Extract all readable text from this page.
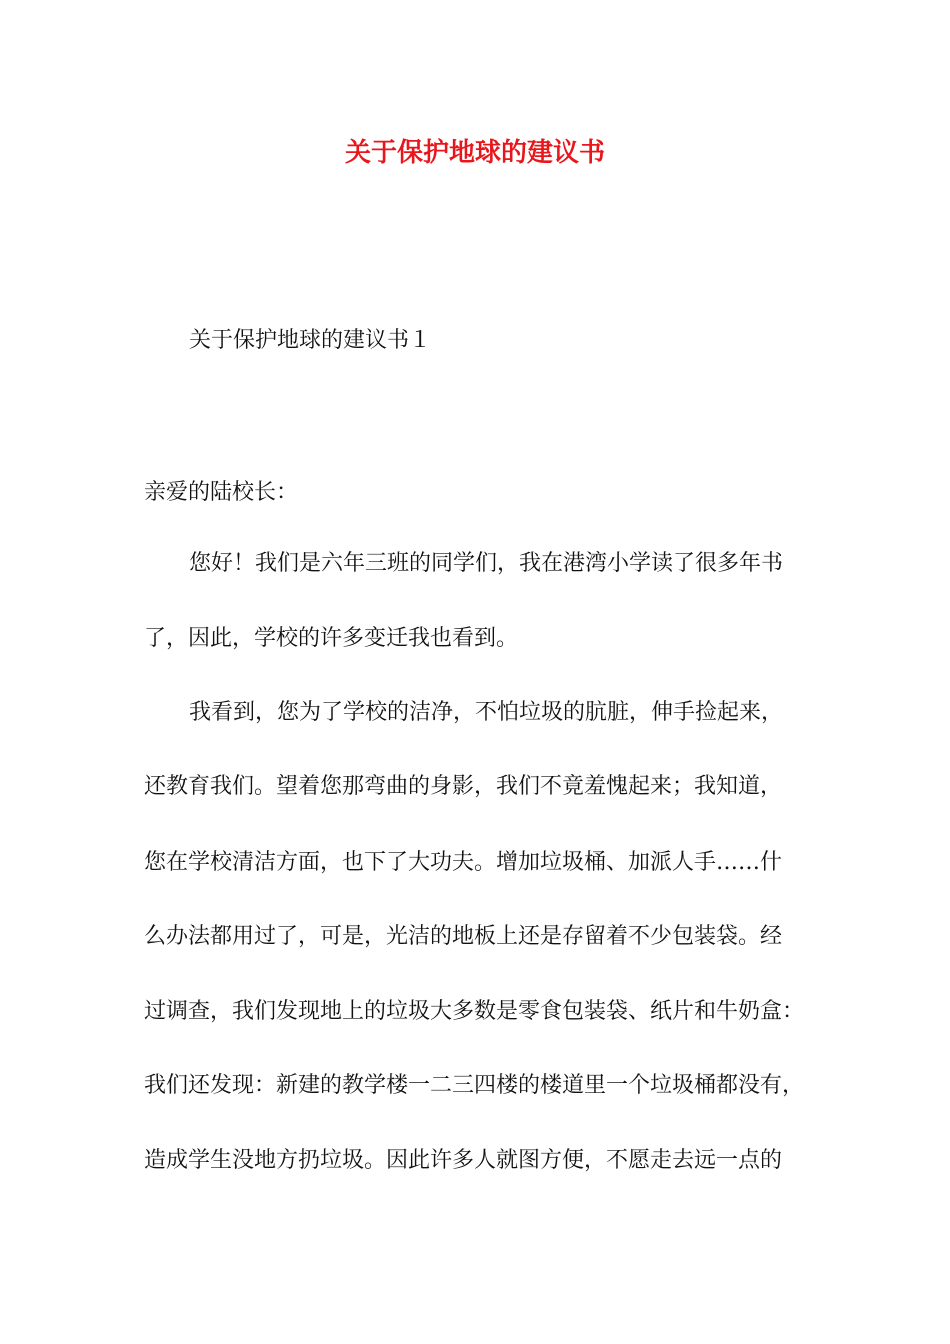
关于保护地球的建议书
关于保护地球的建议书１
亲爱的陆校长：
您好！我们是六年三班的同学们，我在港湾小学读了很多年书
了，因此，学校的许多变迁我也看到。
我看到，您为了学校的洁净，不怕垃圾的肮脏，伸手捡起来，
还教育我们。望着您那弯曲的身影，我们不竟羞愧起来；我知道，
您在学校清洁方面，也下了大功夫。增加垃圾桶、加派人手……什
么办法都用过了，可是，光洁的地板上还是存留着不少包装袋。经
过调查，我们发现地上的垃圾大多数是零食包装袋、纸片和牛奶盒：
我们还发现：新建的教学楼一二三四楼的楼道里一个垃圾桶都没有，
造成学生没地方扔垃圾。因此许多人就图方便，不愿走去远一点的
